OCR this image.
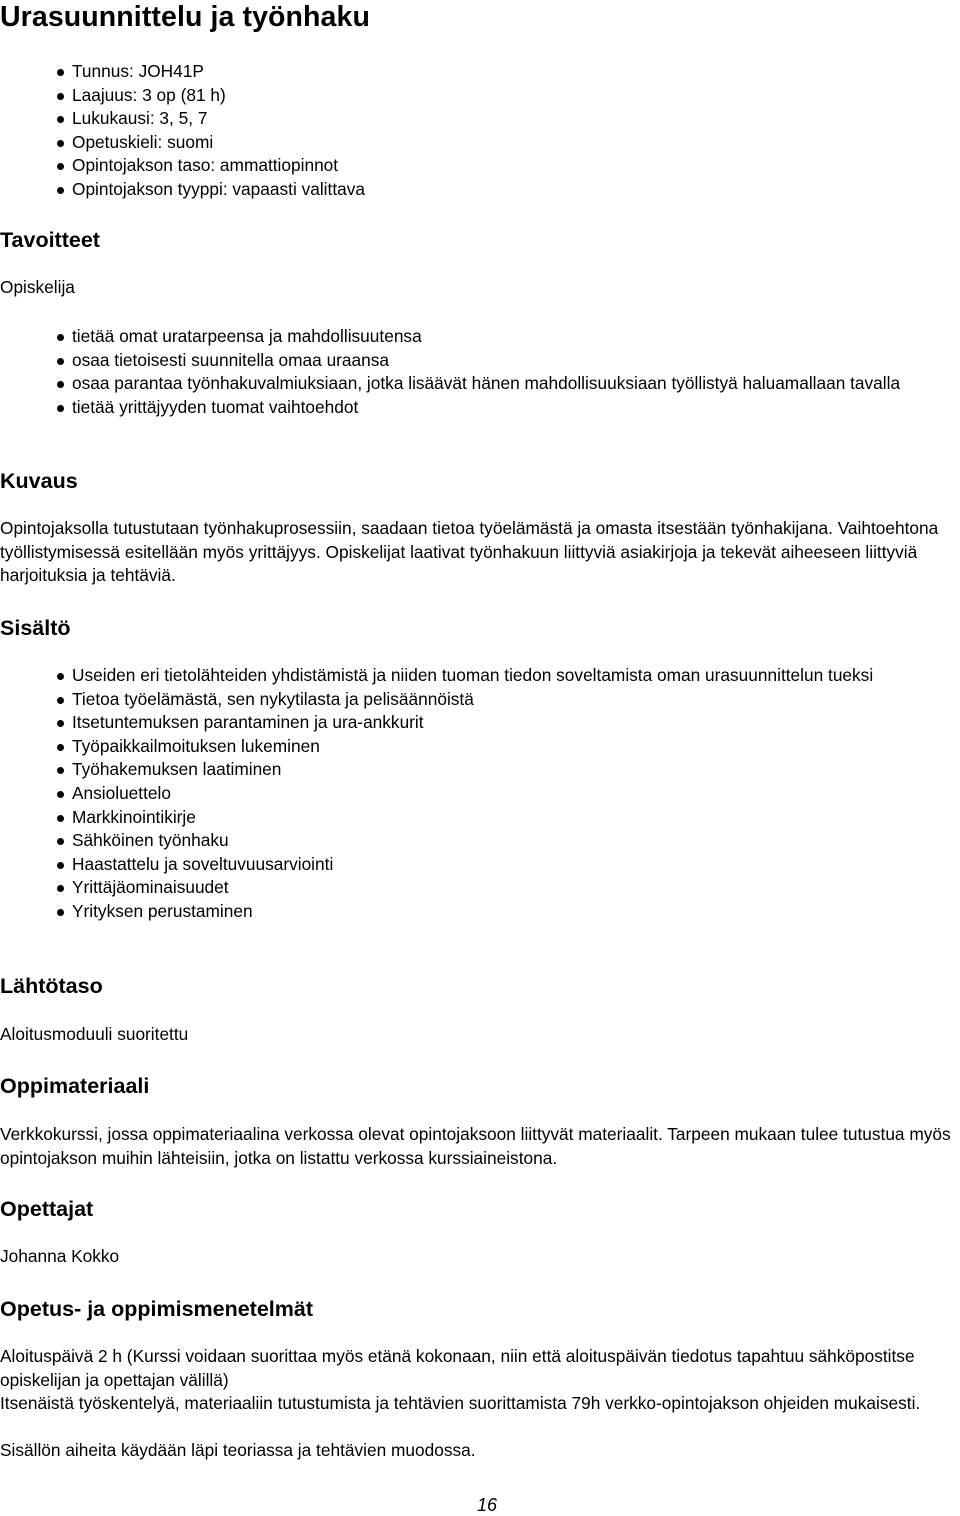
Urasuunnittelu ja työnhaku
Tunnus: JOH41P
Laajuus: 3 op (81 h)
Lukukausi: 3, 5, 7
Opetuskieli: suomi
Opintojakson taso: ammattiopinnot
Opintojakson tyyppi: vapaasti valittava
Tavoitteet

Opiskelija

tietää omat uratarpeensa ja mahdollisuutensa
osaa tietoisesti suunnitella omaa uraansa
osaa parantaa työnhakuvalmiuksiaan, jotka lisäävät hänen mahdollisuuksiaan työllistyä haluamallaan tavalla
tietää yrittäjyyden tuomat vaihtoehdot
Kuvaus

Opintojaksolla tutustutaan työnhakuprosessiin, saadaan tietoa työelämästä ja omasta itsestään työnhakijana. Vaihtoehtona työllistymisessä esitellään myös yrittäjyys. Opiskelijat laativat työnhakuun liittyviä asiakirjoja ja tekevät aiheeseen liittyviä harjoituksia ja tehtäviä.

Sisältö
Useiden eri tietolähteiden yhdistämistä ja niiden tuoman tiedon soveltamista oman urasuunnittelun tueksi
Tietoa työelämästä, sen nykytilasta ja pelisäännöistä
Itsetuntemuksen parantaminen ja ura-ankkurit
Työpaikkailmoituksen lukeminen
Työhakemuksen laatiminen
Ansioluettelo
Markkinointikirje
Sähköinen työnhaku
Haastattelu ja soveltuvuusarviointi
Yrittäjäominaisuudet
Yrityksen perustaminen
Lähtötaso

Aloitusmoduuli suoritettu

Oppimateriaali

Verkkokurssi, jossa oppimateriaalina verkossa olevat opintojaksoon liittyvät materiaalit. Tarpeen mukaan tulee tutustua myös opintojakson muihin lähteisiin, jotka on listattu verkossa kurssiaineistona.

Opettajat

Johanna Kokko

Opetus- ja oppimismenetelmät

Aloituspäivä 2 h (Kurssi voidaan suorittaa myös etänä kokonaan, niin että aloituspäivän tiedotus tapahtuu sähköpostitse opiskelijan ja opettajan välillä)

Itsenäistä työskentelyä, materiaaliin tutustumista ja tehtävien suorittamista 79h verkko-opintojakson ohjeiden mukaisesti.

Sisällön aiheita käydään läpi teoriassa ja tehtävien muodossa.

16
